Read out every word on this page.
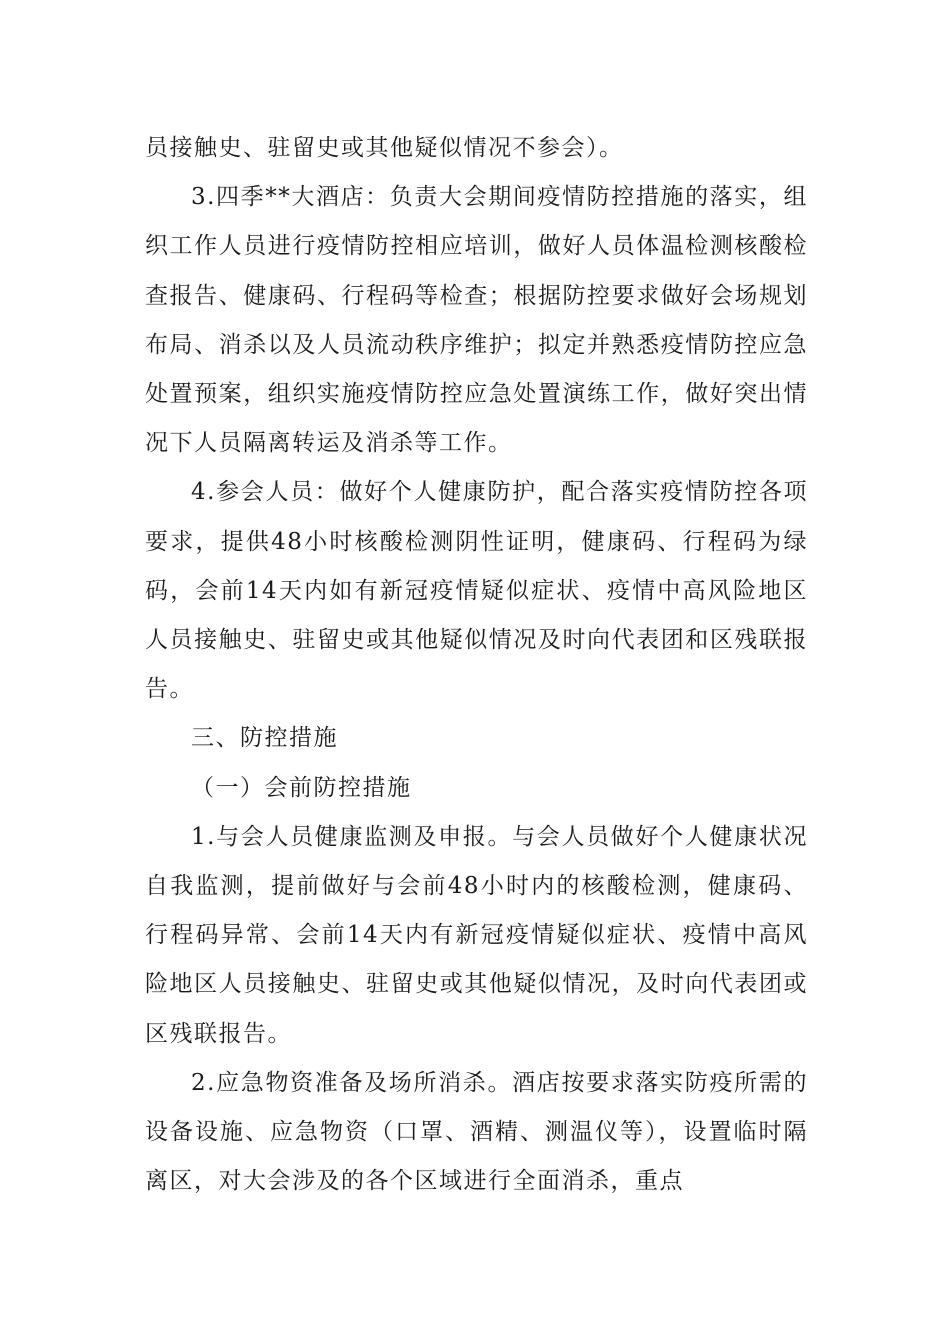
员接触史、驻留史或其他疑似情况不参会）。

3.四季**大酒店：负责大会期间疫情防控措施的落实，组织工作人员进行疫情防控相应培训，做好人员体温检测核酸检查报告、健康码、行程码等检查；根据防控要求做好会场规划布局、消杀以及人员流动秩序维护；拟定并熟悉疫情防控应急处置预案，组织实施疫情防控应急处置演练工作，做好突出情况下人员隔离转运及消杀等工作。

4.参会人员：做好个人健康防护，配合落实疫情防控各项要求，提供48小时核酸检测阴性证明，健康码、行程码为绿码，会前14天内如有新冠疫情疑似症状、疫情中高风险地区人员接触史、驻留史或其他疑似情况及时向代表团和区残联报告。

三、防控措施

（一）会前防控措施

1.与会人员健康监测及申报。与会人员做好个人健康状况自我监测，提前做好与会前48小时内的核酸检测，健康码、行程码异常、会前14天内有新冠疫情疑似症状、疫情中高风险地区人员接触史、驻留史或其他疑似情况，及时向代表团或区残联报告。

2.应急物资准备及场所消杀。酒店按要求落实防疫所需的设备设施、应急物资（口罩、酒精、测温仪等），设置临时隔离区，对大会涉及的各个区域进行全面消杀，重点
